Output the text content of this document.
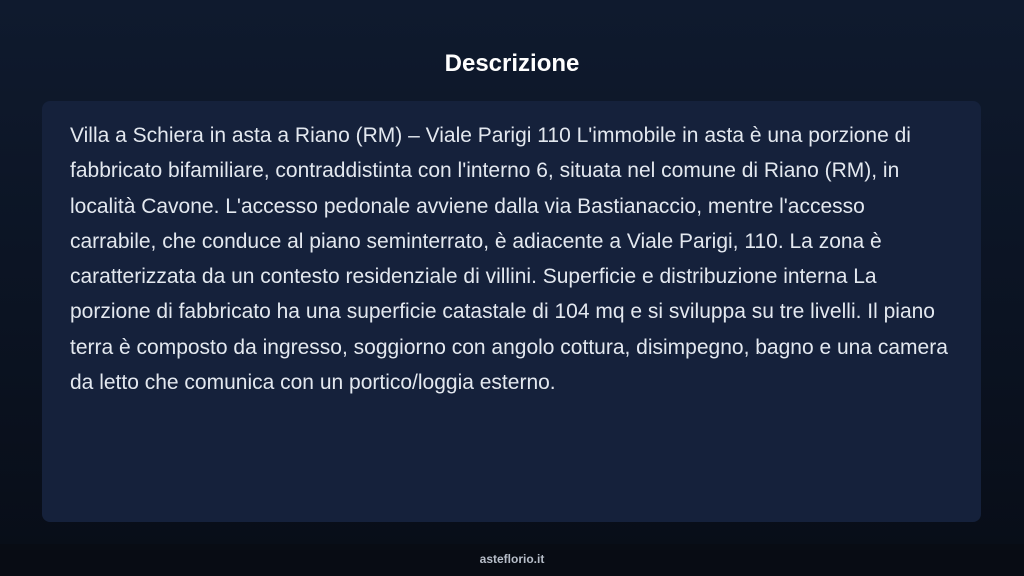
Descrizione

Villa a Schiera in asta a Riano (RM) – Viale Parigi 110 L'immobile in asta è una porzione di fabbricato bifamiliare, contraddistinta con l'interno 6, situata nel comune di Riano (RM), in località Cavone. L'accesso pedonale avviene dalla via Bastianaccio, mentre l'accesso carrabile, che conduce al piano seminterrato, è adiacente a Viale Parigi, 110. La zona è caratterizzata da un contesto residenziale di villini. Superficie e distribuzione interna La porzione di fabbricato ha una superficie catastale di 104 mq e si sviluppa su tre livelli. Il piano terra è composto da ingresso, soggiorno con angolo cottura, disimpegno, bagno e una camera da letto che comunica con un portico/loggia esterno.

asteflorio.it
